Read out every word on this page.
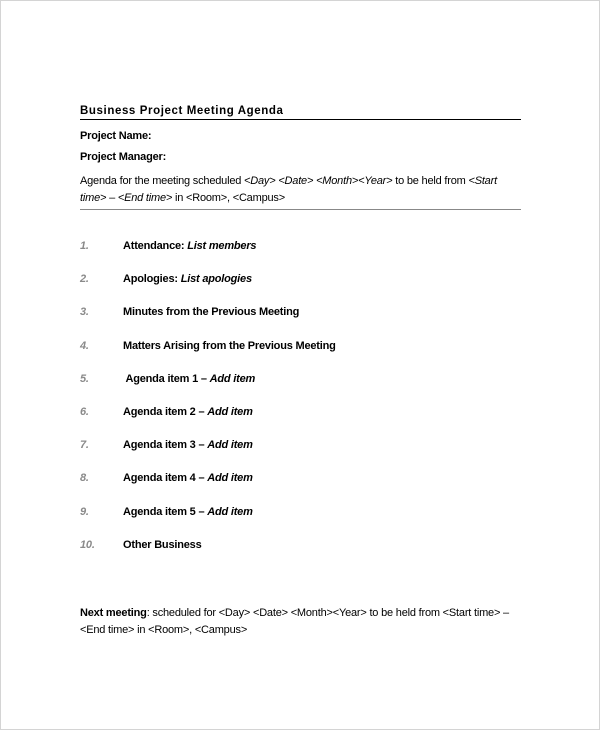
Business Project Meeting Agenda
Project Name:
Project Manager:
Agenda for the meeting scheduled <Day> <Date> <Month><Year> to be held from <Start time> – <End time> in <Room>, <Campus>
1.	Attendance: List members
2.	Apologies: List apologies
3.	Minutes from the Previous Meeting
4.	Matters Arising from the Previous Meeting
5.	Agenda item 1 – Add item
6.	Agenda item 2 – Add item
7.	Agenda item 3 – Add item
8.	Agenda item 4 – Add item
9.	Agenda item 5 – Add item
10.	Other Business
Next meeting: scheduled for <Day> <Date> <Month><Year> to be held from <Start time> – <End time> in <Room>, <Campus>
